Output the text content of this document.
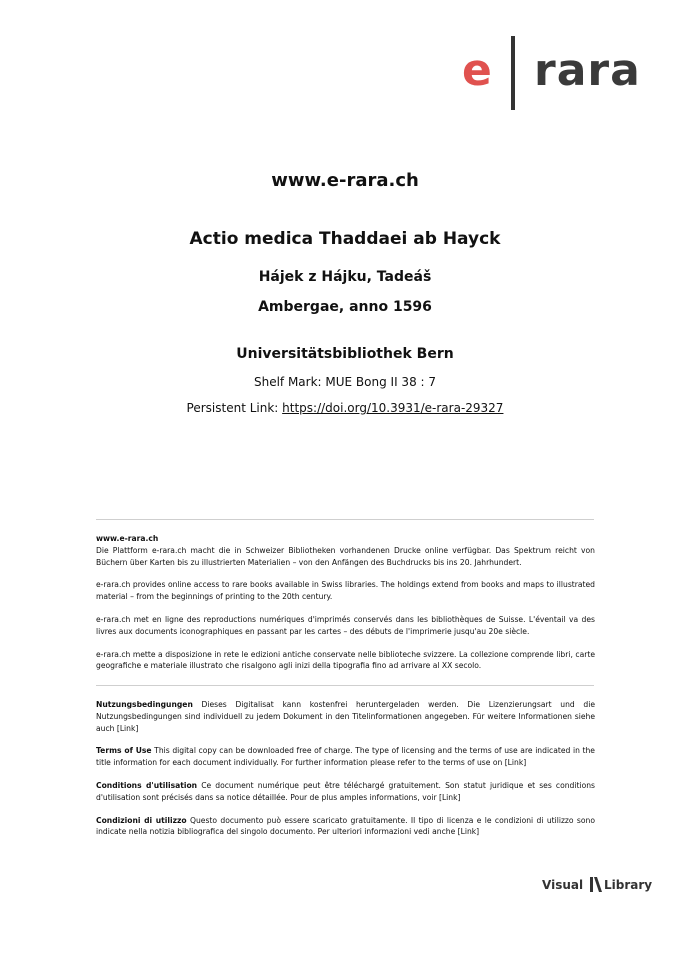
e rara
www.e-rara.ch
Actio medica Thaddaei ab Hayck
Hájek z Hájku, Tadeáš
Ambergae, anno 1596
Universitätsbibliothek Bern
Shelf Mark: MUE Bong II 38 : 7
Persistent Link: https://doi.org/10.3931/e-rara-29327

www.e-rara.ch

Die Plattform e-rara.ch macht die in Schweizer Bibliotheken vorhandenen Drucke online verfügbar. Das Spektrum reicht von Büchern über Karten bis zu illustrierten Materialien – von den Anfängen des Buchdrucks bis ins 20. Jahrhundert.

e-rara.ch provides online access to rare books available in Swiss libraries. The holdings extend from books and maps to illustrated material – from the beginnings of printing to the 20th century.

e-rara.ch met en ligne des reproductions numériques d'imprimés conservés dans les bibliothèques de Suisse. L'éventail va des livres aux documents iconographiques en passant par les cartes – des débuts de l'imprimerie jusqu'au 20e siècle.

e-rara.ch mette a disposizione in rete le edizioni antiche conservate nelle biblioteche svizzere. La collezione comprende libri, carte geografiche e materiale illustrato che risalgono agli inizi della tipografia fino ad arrivare al XX secolo.

Nutzungsbedingungen Dieses Digitalisat kann kostenfrei heruntergeladen werden. Die Lizenzierungsart und die Nutzungsbedingungen sind individuell zu jedem Dokument in den Titelinformationen angegeben. Für weitere Informationen siehe auch [Link]

Terms of Use This digital copy can be downloaded free of charge. The type of licensing and the terms of use are indicated in the title information for each document individually. For further information please refer to the terms of use on [Link]

Conditions d'utilisation Ce document numérique peut être téléchargé gratuitement. Son statut juridique et ses conditions d'utilisation sont précisés dans sa notice détaillée. Pour de plus amples informations, voir [Link]

Condizioni di utilizzo Questo documento può essere scaricato gratuitamente. Il tipo di licenza e le condizioni di utilizzo sono indicate nella notizia bibliografica del singolo documento. Per ulteriori informazioni vedi anche [Link]

Visual Library
